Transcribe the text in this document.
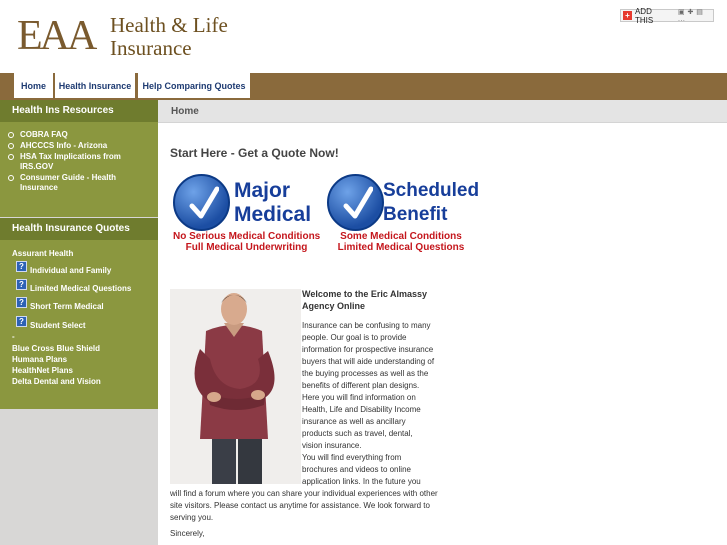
EAA Health & Life
Insurance
+ ADD THIS
▣ ✚ ▤ ...
Home	Health Insurance	Help Comparing Quotes
Health Ins Resources
COBRA FAQ
AHCCCS Info - Arizona
HSA Tax Implications from IRS.GOV
Consumer Guide - Health Insurance
Health Insurance Quotes
Assurant Health
? Individual and Family
? Limited Medical Questions
? Short Term Medical
? Student Select
-
Blue Cross Blue Shield
Humana Plans
HealthNet Plans
Delta Dental and Vision
Home
Start Here - Get a Quote Now!
Major
Medical
No Serious Medical Conditions
Full Medical Underwriting
Scheduled
Benefit
Some Medical Conditions
Limited Medical Questions
Welcome to the Eric Almassy Agency Online
Insurance can be confusing to many people. Our goal is to provide information for prospective insurance buyers that will aide understanding of the buying processes as well as the benefits of different plan designs. Here you will find information on Health, Life and Disability Income insurance as well as ancillary products such as travel, dental, vision insurance.
You will find everything from brochures and videos to online application links. In the future you
will find a forum where you can share your individual experiences with other site visitors. Please contact us anytime for assistance. We look forward to serving you.
Sincerely,
